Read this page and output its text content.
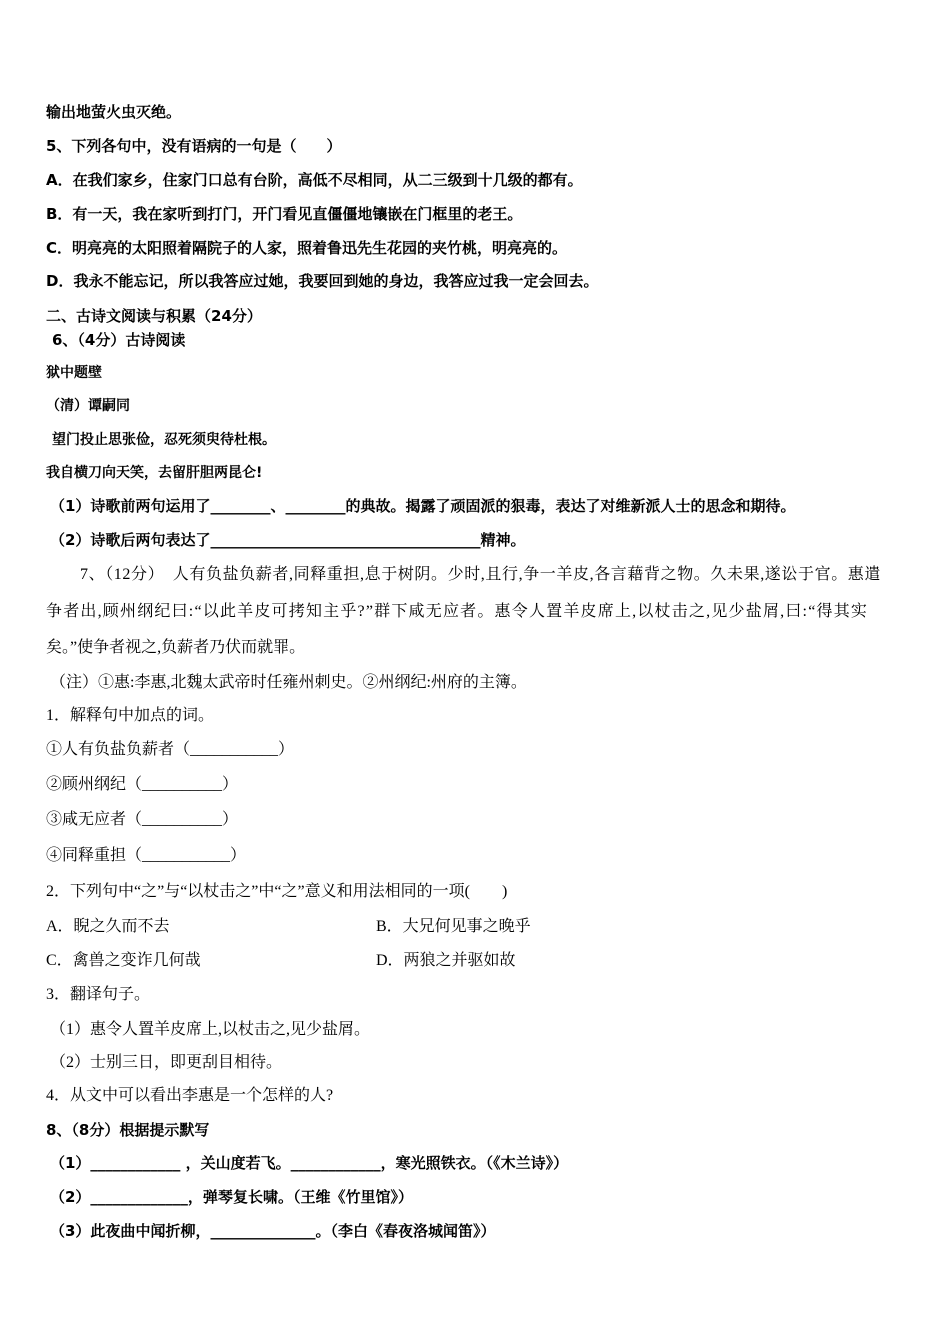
输出地萤火虫灭绝。
5、下列各句中，没有语病的一句是（　　）
A．在我们家乡，住家门口总有台阶，高低不尽相同，从二三级到十几级的都有。
B．有一天，我在家听到打门，开门看见直僵僵地镶嵌在门框里的老王。
C．明亮亮的太阳照着隔院子的人家，照着鲁迅先生花园的夹竹桃，明亮亮的。
D．我永不能忘记，所以我答应过她，我要回到她的身边，我答应过我一定会回去。
二、古诗文阅读与积累（24分）
6、（4分）古诗阅读
狱中题壁
（清）谭嗣同
望门投止思张俭，忍死须臾待杜根。
我自横刀向天笑，去留肝胆两昆仑!
（1）诗歌前两句运用了________、________的典故。揭露了顽固派的狠毒，表达了对维新派人士的思念和期待。
（2）诗歌后两句表达了____________________________________精神。
7、（12分）　人有负盐负薪者,同释重担,息于树阴。少时,且行,争一羊皮,各言藉背之物。久未果,遂讼于官。惠遣
争者出,顾州纲纪曰:“以此羊皮可拷知主乎?”群下咸无应者。惠令人置羊皮席上,以杖击之,见少盐屑,曰:“得其实
矣。”使争者视之,负薪者乃伏而就罪。
（注）①惠:李惠,北魏太武帝时任雍州刺史。②州纲纪:州府的主簿。
1．解释句中加点的词。
①人有负盐负薪者（___________）
②顾州纲纪（__________）
③咸无应者（__________）
④同释重担（___________）
2．下列句中“之”与“以杖击之”中“之”意义和用法相同的一项(　　)
A．睨之久而不去	B．大兄何见事之晚乎
C．禽兽之变诈几何哉	D．两狼之并驱如故
3．翻译句子。
（1）惠令人置羊皮席上,以杖击之,见少盐屑。
（2）士别三日，即更刮目相待。
4．从文中可以看出李惠是一个怎样的人?
8、（8分）根据提示默写
（1）____________ ，关山度若飞。____________，寒光照铁衣。（《木兰诗》）
（2）_____________，弹琴复长啸。（王维《竹里馆》）
（3）此夜曲中闻折柳，______________。（李白《春夜洛城闻笛》）
